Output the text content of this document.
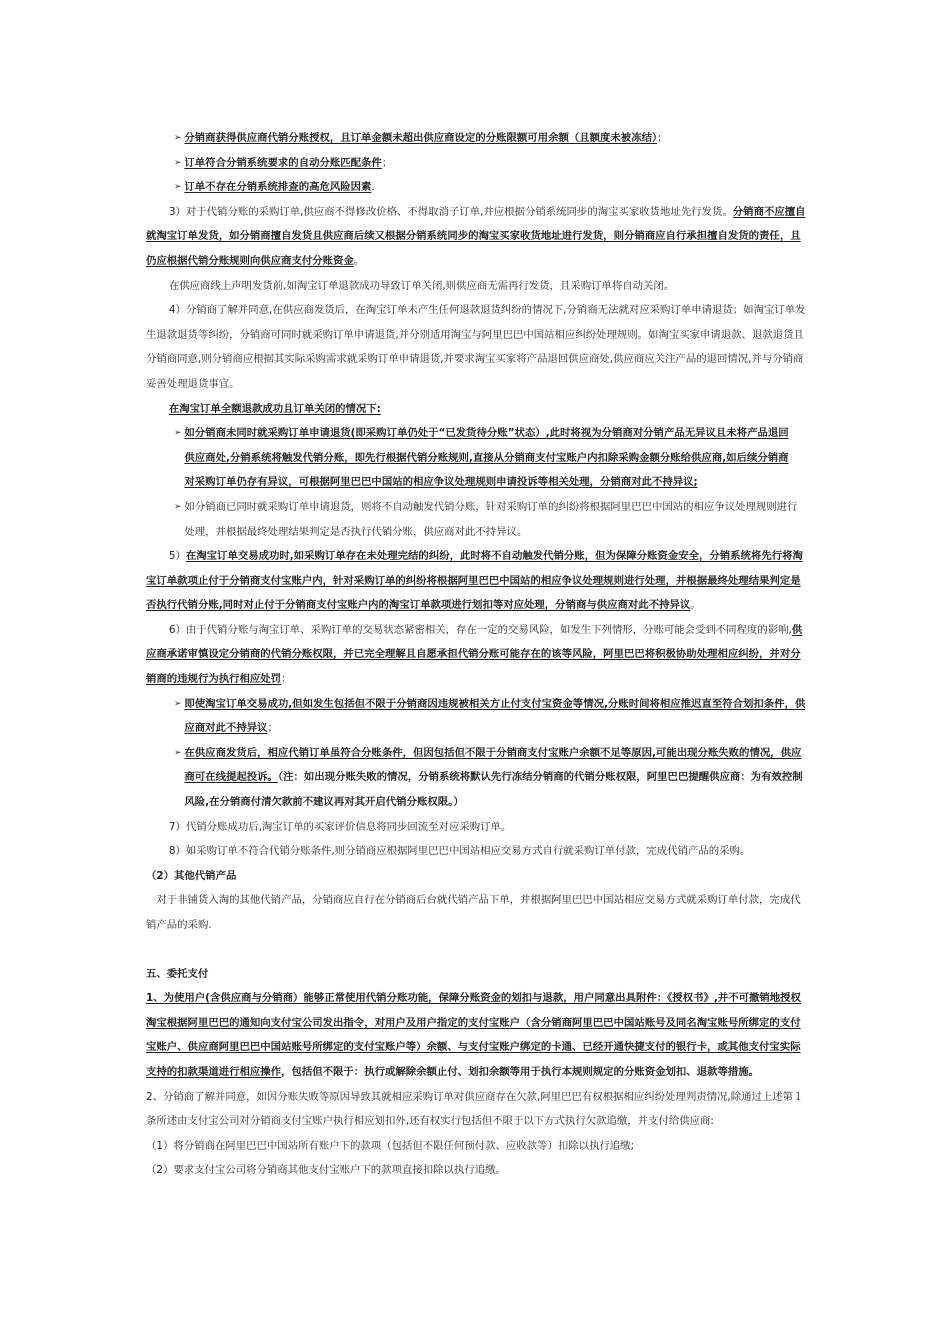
➢ 分销商获得供应商代销分账授权，且订单金额未超出供应商设定的分账限额可用余额（且额度未被冻结）；
➢ 订单符合分销系统要求的自动分账匹配条件；
➢ 订单不存在分销系统排查的高危风险因素.

3）对于代销分账的采购订单,供应商不得修改价格、不得取消子订单,并应根据分销系统同步的淘宝买家收货地址先行发货。分销商不应擅自就淘宝订单发货，如分销商擅自发货且供应商后续又根据分销系统同步的淘宝买家收货地址进行发货，则分销商应自行承担擅自发货的责任，且仍应根据代销分账规则向供应商支付分账资金。

在供应商线上声明发货前,如淘宝订单退款成功导致订单关闭,则供应商无需再行发货，且采购订单将自动关闭。

4）分销商了解并同意,在供应商发货后，在淘宝订单未产生任何退款退货纠纷的情况下,分销商无法就对应采购订单申请退货；如淘宝订单发生退款退货等纠纷，分销商可同时就采购订单申请退货,并分别适用淘宝与阿里巴巴中国站相应纠纷处理规则。如淘宝买家申请退款、退款退货且分销商同意,则分销商应根据其实际采购需求就采购订单申请退货,并要求淘宝买家将产品退回供应商处,供应商应关注产品的退回情况,并与分销商妥善处理退货事宜。

在淘宝订单全额退款成功且订单关闭的情况下:

➢ 如分销商未同时就采购订单申请退货(即采购订单仍处于“已发货待分账”状态）,此时将视为分销商对分销产品无异议且未将产品退回供应商处,分销系统将触发代销分账，即先行根据代销分账规则,直接从分销商支付宝账户内扣除采购金额分账给供应商,如后续分销商对采购订单仍存有异议，可根据阿里巴巴中国站的相应争议处理规则申请投诉等相关处理，分销商对此不持异议;
➢ 如分销商已同时就采购订单申请退货，则将不自动触发代销分账，针对采购订单的纠纷将根据阿里巴巴中国站的相应争议处理规则进行处理，并根据最终处理结果判定是否执行代销分账，供应商对此不持异议。

5）在淘宝订单交易成功时,如采购订单存在未处理完结的纠纷，此时将不自动触发代销分账，但为保障分账资金安全，分销系统将先行将淘宝订单款项止付于分销商支付宝账户内，针对采购订单的纠纷将根据阿里巴巴中国站的相应争议处理规则进行处理，并根据最终处理结果判定是否执行代销分账,同时对止付于分销商支付宝账户内的淘宝订单款项进行划扣等对应处理，分销商与供应商对此不持异议。

6）由于代销分账与淘宝订单、采购订单的交易状态紧密相关，存在一定的交易风险，如发生下列情形，分账可能会受到不同程度的影响,供应商承诺审慎设定分销商的代销分账权限，并已完全理解且自愿承担代销分账可能存在的该等风险，阿里巴巴将积极协助处理相应纠纷，并对分销商的违规行为执行相应处罚：

➢ 即使淘宝订单交易成功,但如发生包括但不限于分销商因违规被相关方止付支付宝资金等情况,分账时间将相应推迟直至符合划扣条件，供应商对此不持异议；
➢ 在供应商发货后，相应代销订单虽符合分账条件，但因包括但不限于分销商支付宝账户余额不足等原因,可能出现分账失败的情况，供应商可在线提起投诉。（注：如出现分账失败的情况，分销系统将默认先行冻结分销商的代销分账权限，阿里巴巴提醒供应商：为有效控制风险,在分销商付清欠款前不建议再对其开启代销分账权限。）

7）代销分账成功后,淘宝订单的买家评价信息将同步回流至对应采购订单。

8）如采购订单不符合代销分账条件,则分销商应根据阿里巴巴中国站相应交易方式自行就采购订单付款，完成代销产品的采购。

（2）其他代销产品

对于非铺货入淘的其他代销产品，分销商应自行在分销商后台就代销产品下单，并根据阿里巴巴中国站相应交易方式就采购订单付款，完成代销产品的采购.

五、委托支付

1、为使用户(含供应商与分销商）能够正常使用代销分账功能，保障分账资金的划扣与退款，用户同意出具附件：《授权书》,并不可撤销地授权淘宝根据阿里巴巴的通知向支付宝公司发出指令，对用户及用户指定的支付宝账户（含分销商阿里巴巴中国站账号及同名淘宝账号所绑定的支付宝账户、供应商阿里巴巴中国站账号所绑定的支付宝账户等）余额、与支付宝账户绑定的卡通、已经开通快捷支付的银行卡，或其他支付宝实际支持的扣款渠道进行相应操作，包括但不限于：执行或解除余额止付、划扣余额等用于执行本规则规定的分账资金划扣、退款等措施。

2、分销商了解并同意，如因分账失败等原因导致其就相应采购订单对供应商存在欠款,阿里巴巴有权根据相应纠纷处理判责情况,除通过上述第１条所述由支付宝公司对分销商支付宝账户执行相应划扣外,还有权实行包括但不限于以下方式执行欠款追缴，并支付给供应商:

（1）将分销商在阿里巴巴中国站所有账户下的款项（包括但不限任何预付款、应收款等）扣除以执行追缴;

（2）要求支付宝公司将分销商其他支付宝账户下的款项直接扣除以执行追缴。
